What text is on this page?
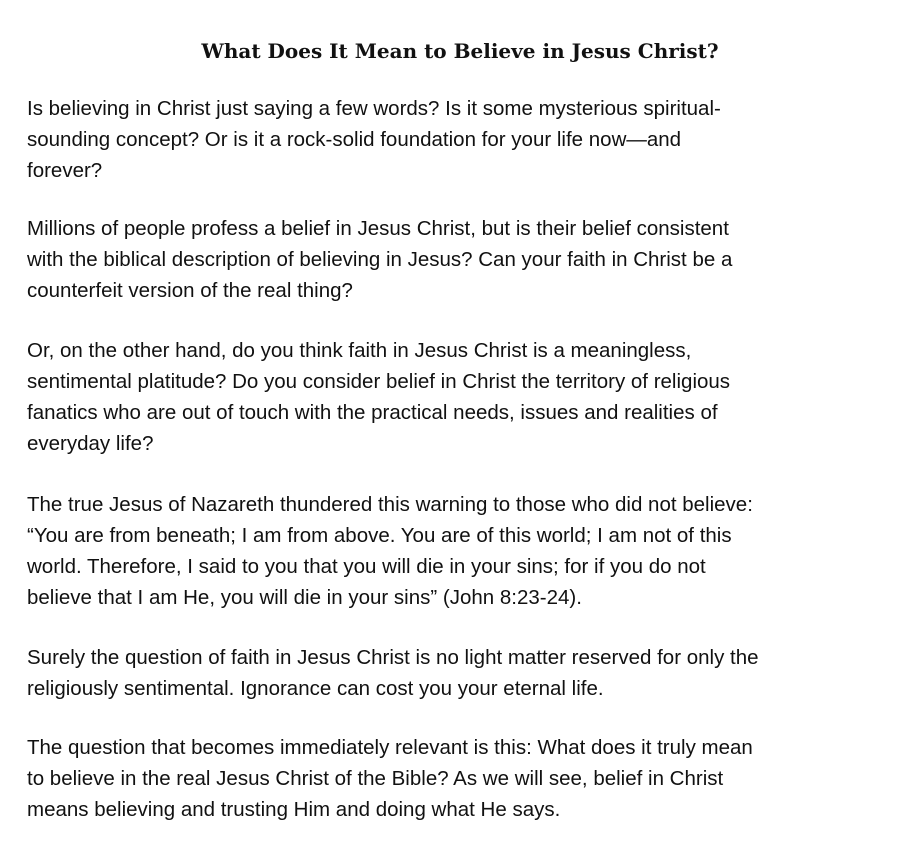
What Does It Mean to Believe in Jesus Christ?

Is believing in Christ just saying a few words? Is it some mysterious spiritual-
sounding concept? Or is it a rock-solid foundation for your life now—and
forever?

Millions of people profess a belief in Jesus Christ, but is their belief consistent
with the biblical description of believing in Jesus? Can your faith in Christ be a
counterfeit version of the real thing?

Or, on the other hand, do you think faith in Jesus Christ is a meaningless,
sentimental platitude? Do you consider belief in Christ the territory of religious
fanatics who are out of touch with the practical needs, issues and realities of
everyday life?

The true Jesus of Nazareth thundered this warning to those who did not believe:
“You are from beneath; I am from above. You are of this world; I am not of this
world. Therefore, I said to you that you will die in your sins; for if you do not
believe that I am He, you will die in your sins” (John 8:23-24).

Surely the question of faith in Jesus Christ is no light matter reserved for only the
religiously sentimental. Ignorance can cost you your eternal life.

The question that becomes immediately relevant is this: What does it truly mean
to believe in the real Jesus Christ of the Bible? As we will see, belief in Christ
means believing and trusting Him and doing what He says.
